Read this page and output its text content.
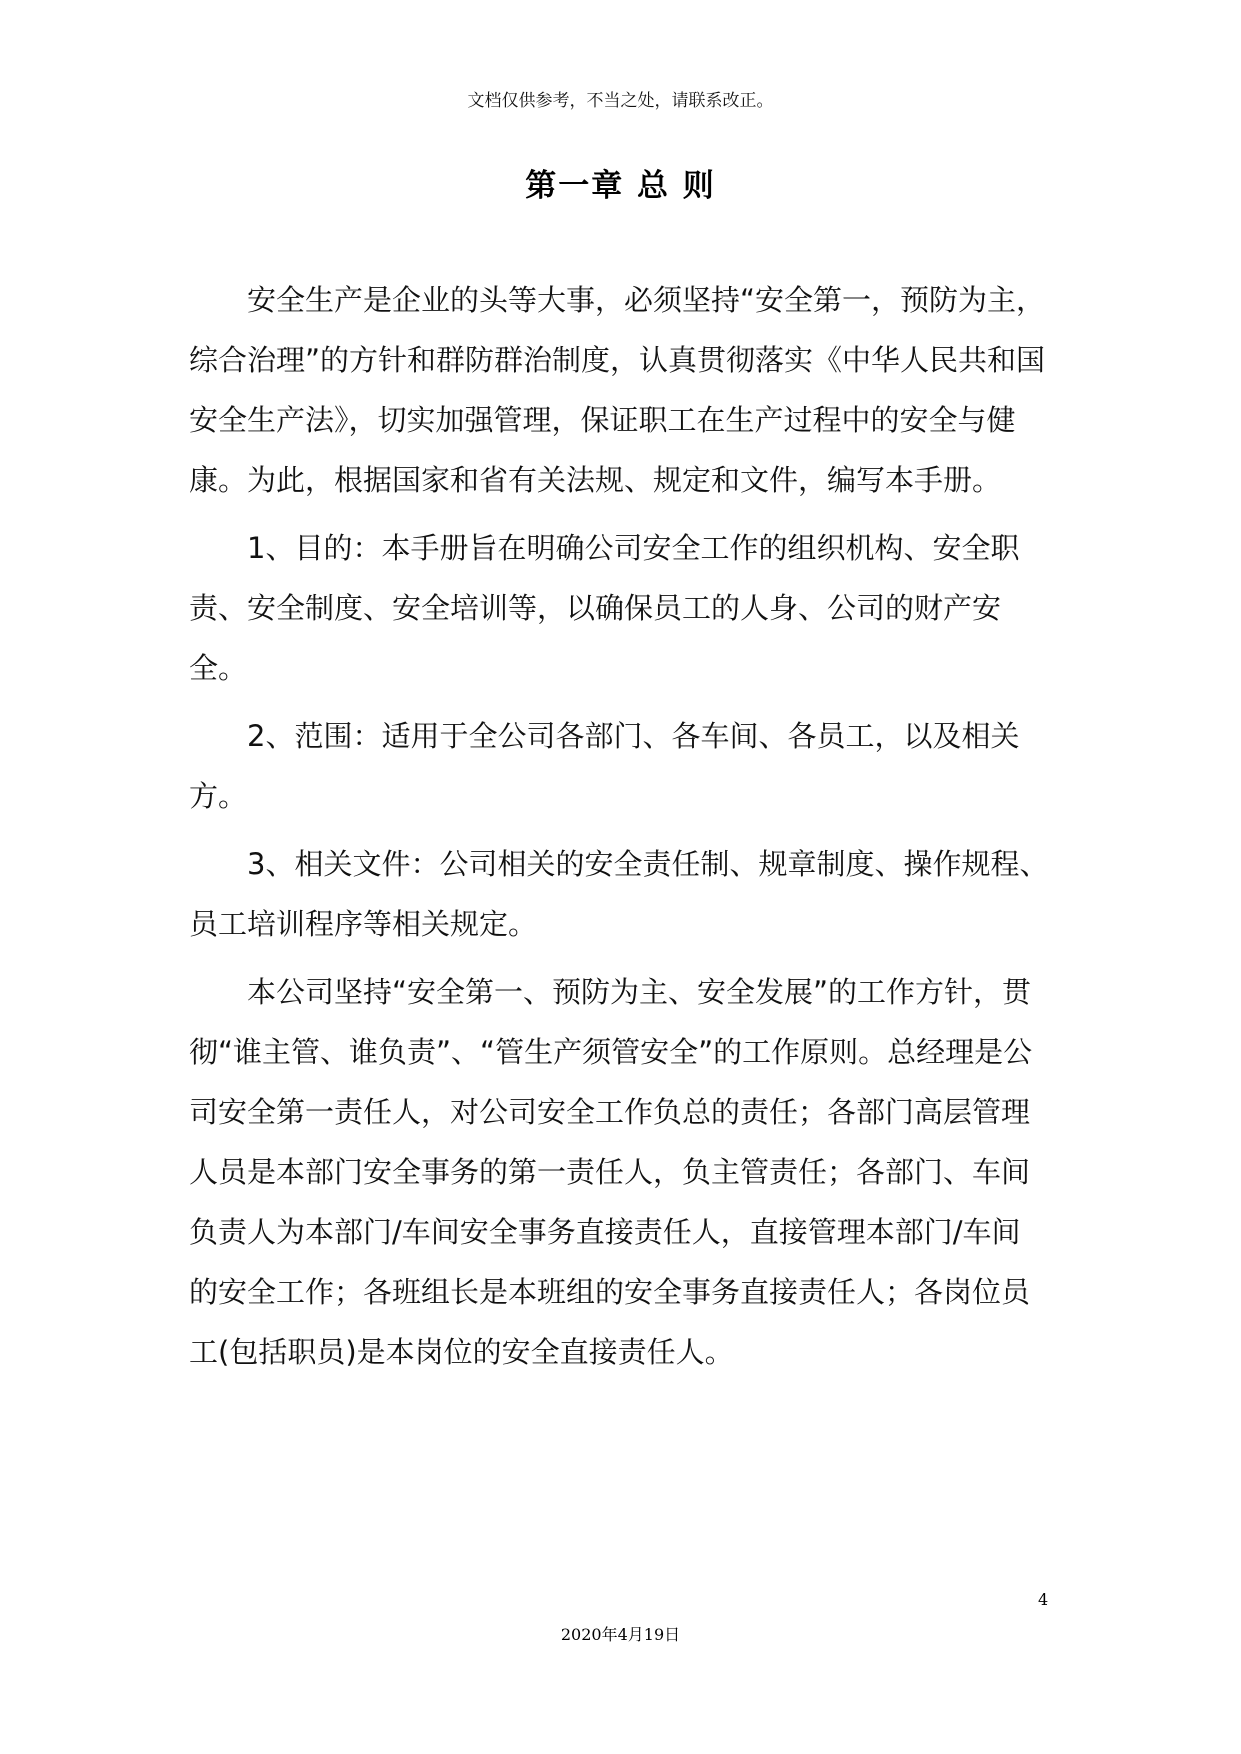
文档仅供参考，不当之处，请联系改正。
第一章 总 则

安全生产是企业的头等大事，必须坚持“安全第一，预防为主，综合治理”的方针和群防群治制度，认真贯彻落实《中华人民共和国安全生产法》，切实加强管理，保证职工在生产过程中的安全与健康。为此，根据国家和省有关法规、规定和文件，编写本手册。

1、目的：本手册旨在明确公司安全工作的组织机构、安全职责、安全制度、安全培训等，以确保员工的人身、公司的财产安全。

2、范围：适用于全公司各部门、各车间、各员工，以及相关方。

3、相关文件：公司相关的安全责任制、规章制度、操作规程、员工培训程序等相关规定。

本公司坚持“安全第一、预防为主、安全发展”的工作方针，贯彻“谁主管、谁负责”、“管生产须管安全”的工作原则。总经理是公司安全第一责任人，对公司安全工作负总的责任；各部门高层管理人员是本部门安全事务的第一责任人，负主管责任；各部门、车间负责人为本部门/车间安全事务直接责任人，直接管理本部门/车间的安全工作；各班组长是本班组的安全事务直接责任人；各岗位员工(包括职员)是本岗位的安全直接责任人。

4
2020年4月19日
